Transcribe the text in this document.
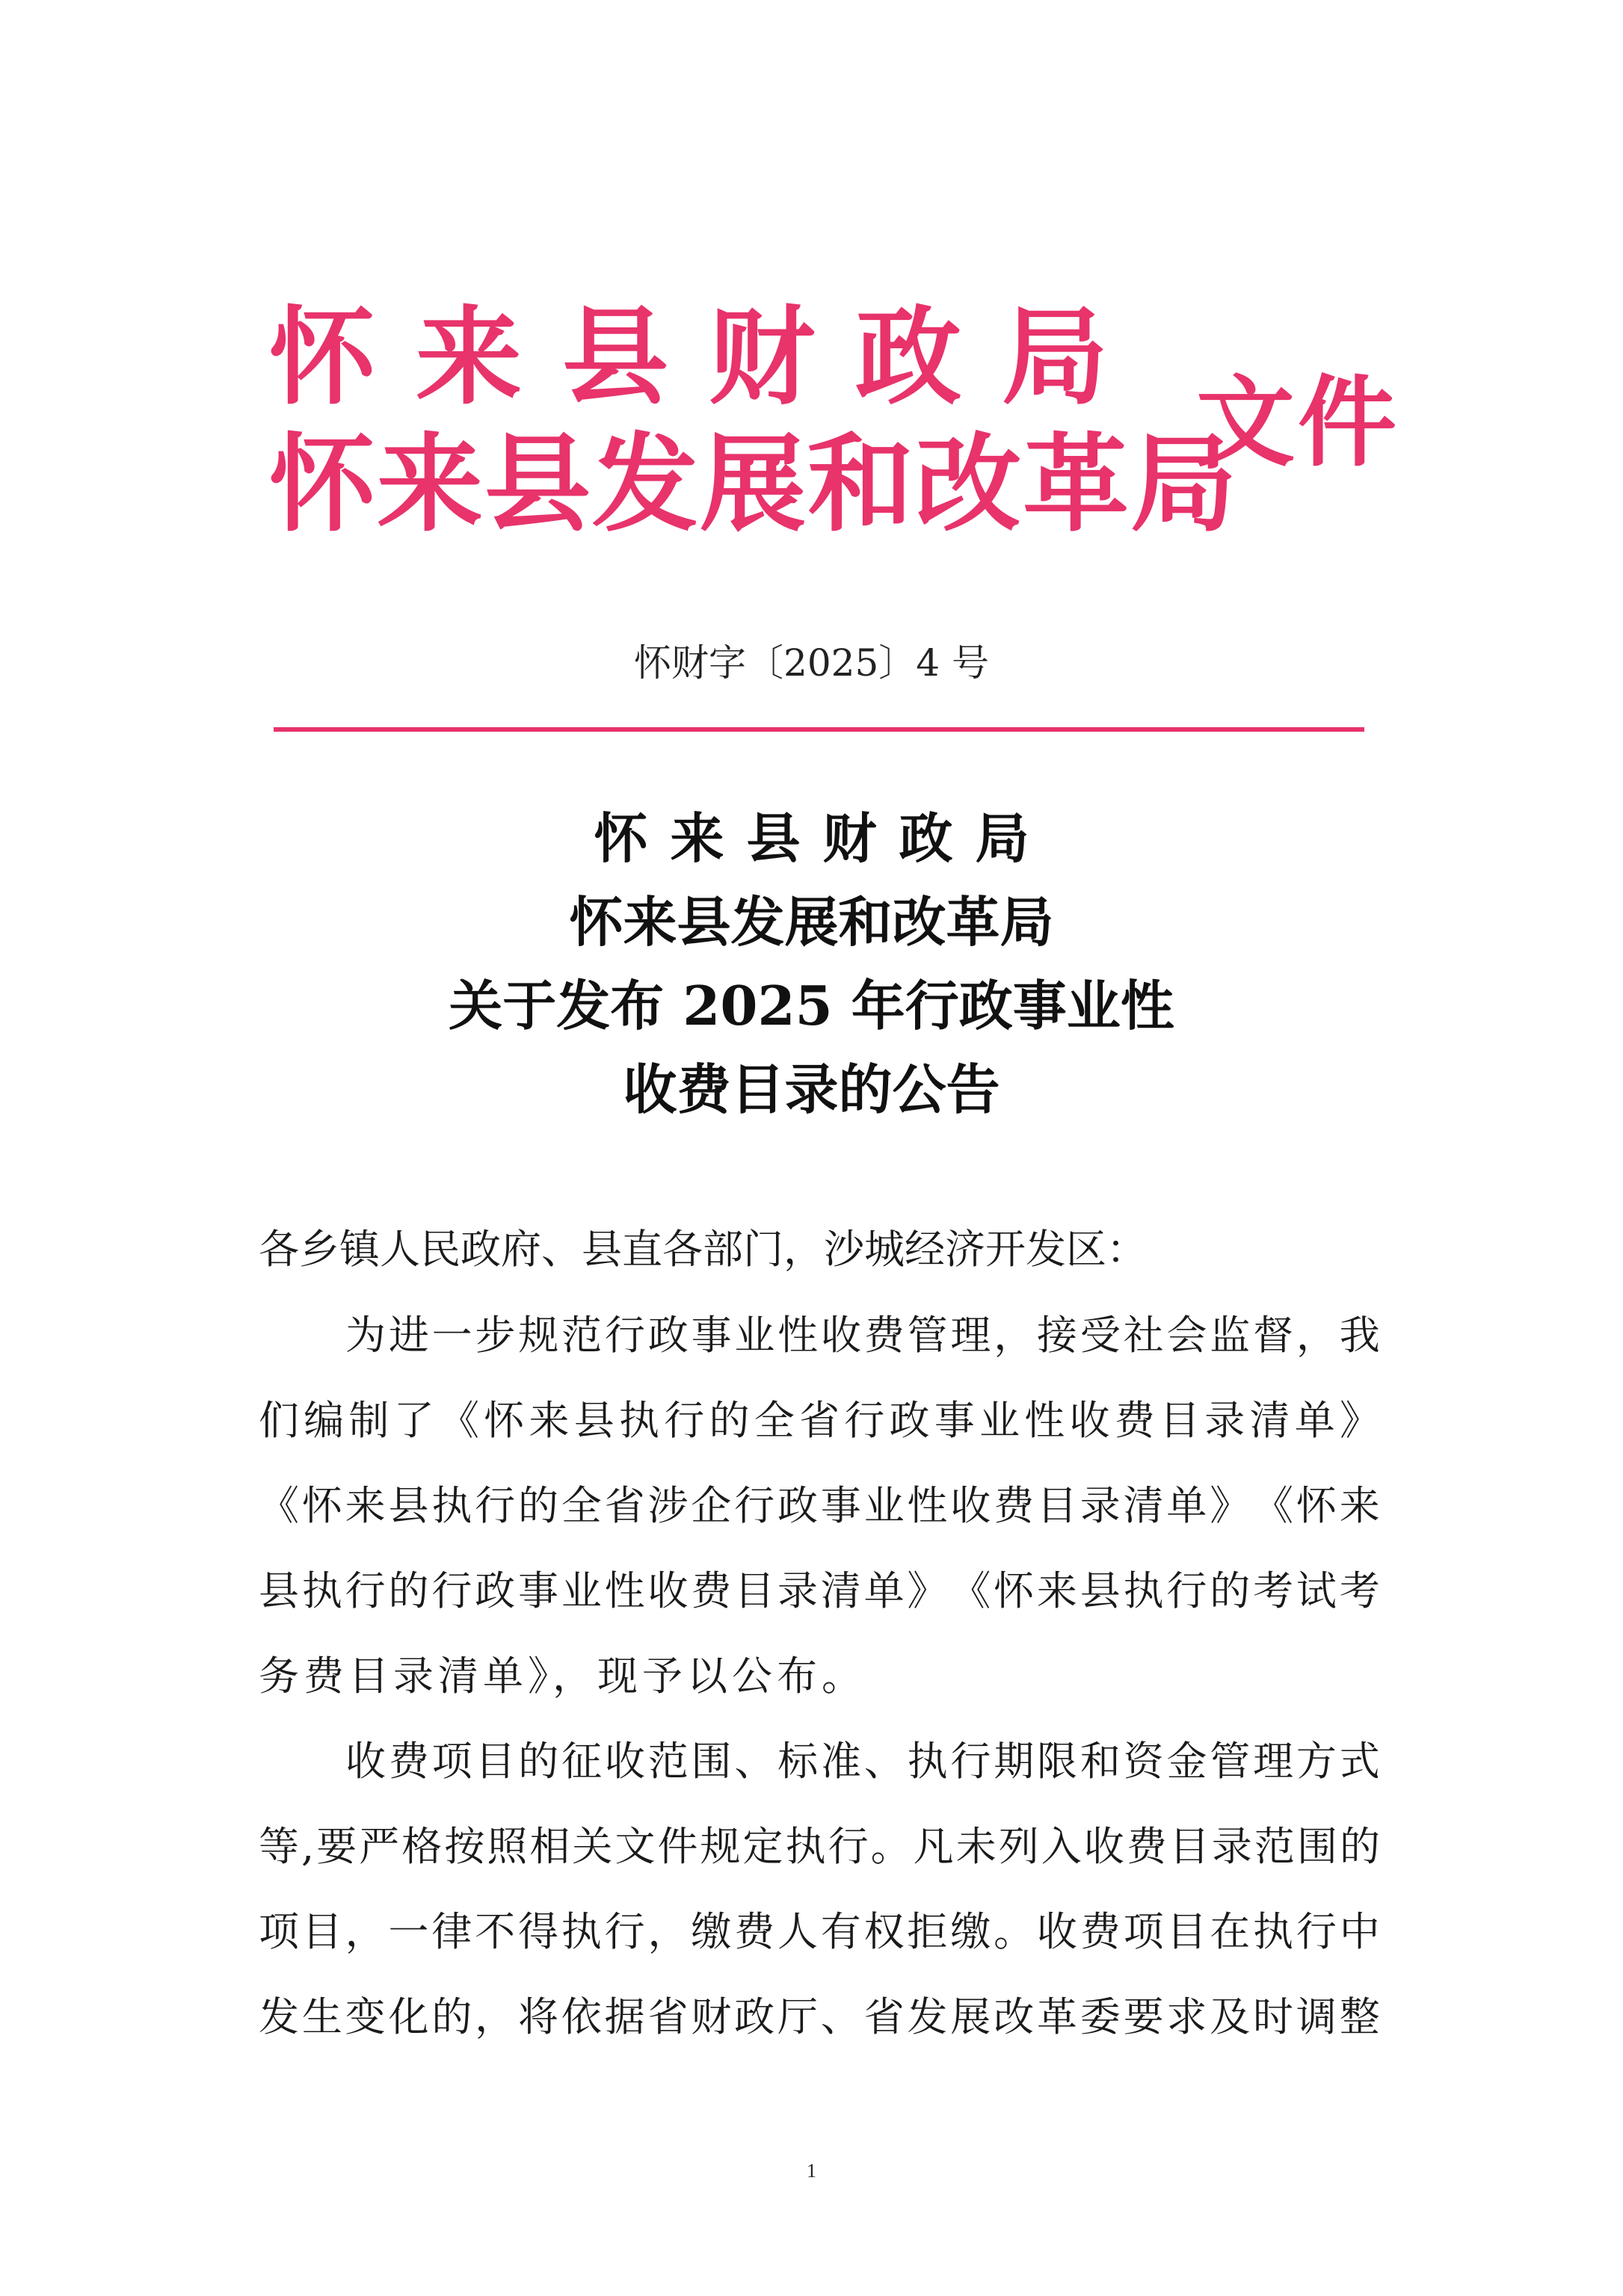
怀来县财政局
怀来县发展和改革局
文件
怀财字〔2025〕4 号
怀来县财政局
怀来县发展和改革局
关于发布 2025 年行政事业性
收费目录的公告
各乡镇人民政府、县直各部门，沙城经济开发区：
为 进 一 步 规 范 行 政 事 业 性 收 费 管 理 ， 接 受 社 会 监 督 ， 我
们 编 制 了 《 怀 来 县 执 行 的 全 省 行 政 事 业 性 收 费 目 录 清 单 》
《 怀 来 县 执 行 的 全 省 涉 企 行 政 事 业 性 收 费 目 录 清 单 》 《 怀 来
县 执 行 的 行 政 事 业 性 收 费 目 录 清 单 》 《 怀 来 县 执 行 的 考 试 考
务费目录清单》，现予以公布。
收 费 项 目 的 征 收 范 围 、 标 准 、 执 行 期 限 和 资 金 管 理 方 式
等 , 要 严 格 按 照 相 关 文 件 规 定 执 行 。 凡 未 列 入 收 费 目 录 范 围 的
项 目 ， 一 律 不 得 执 行 ， 缴 费 人 有 权 拒 缴 。 收 费 项 目 在 执 行 中
发 生 变 化 的 ， 将 依 据 省 财 政 厅 、 省 发 展 改 革 委 要 求 及 时 调 整
1
